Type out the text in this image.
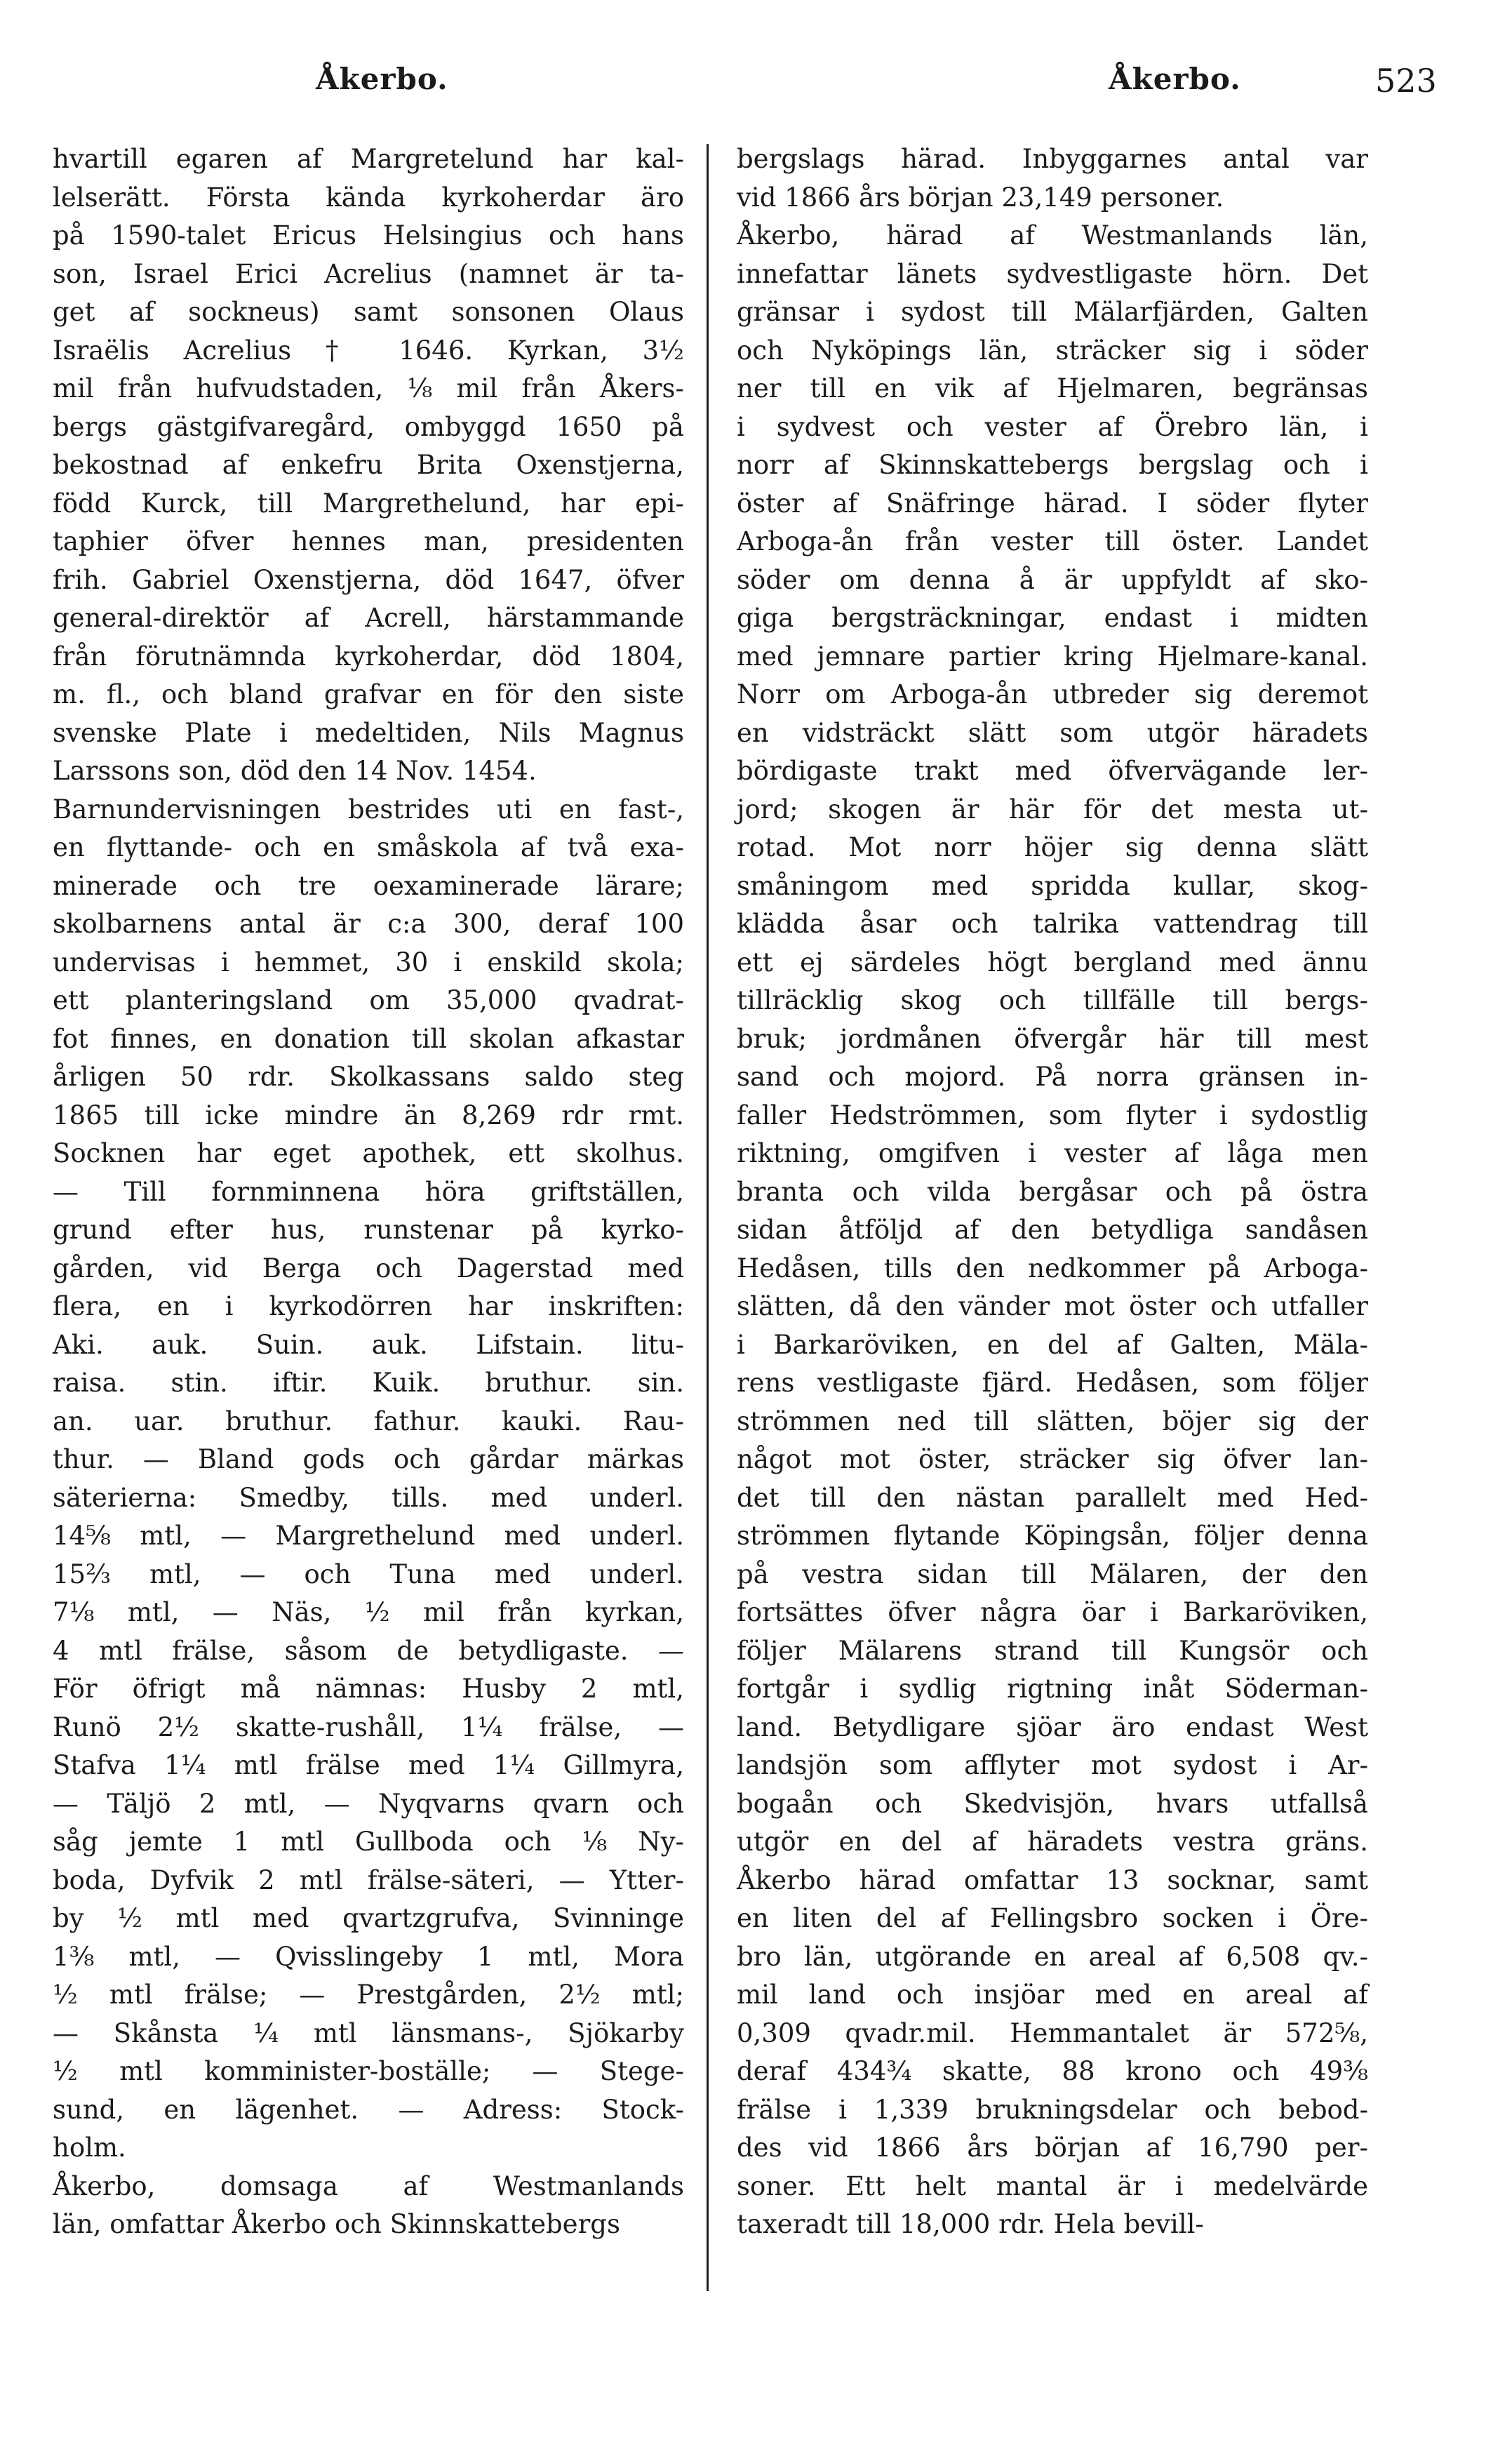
Åkerbo.	Åkerbo.	523
hvartill egaren af Margretelund har kal-
lelserätt. Första kända kyrkoherdar äro
på 1590-talet Ericus Helsingius och hans
son, Israel Erici Acrelius (namnet är ta-
get af sockneus) samt sonsonen Olaus
Israëlis Acrelius † 1646. Kyrkan, 3½
mil från hufvudstaden, ⅛ mil från Åkers-
bergs gästgifvaregård, ombyggd 1650 på
bekostnad af enkefru Brita Oxenstjerna,
född Kurck, till Margrethelund, har epi-
taphier öfver hennes man, presidenten
frih. Gabriel Oxenstjerna, död 1647, öfver
general-direktör af Acrell, härstammande
från förutnämnda kyrkoherdar, död 1804,
m. fl., och bland grafvar en för den siste
svenske Plate i medeltiden, Nils Magnus
Larssons son, död den 14 Nov. 1454.
Barnundervisningen bestrides uti en fast-,
en flyttande- och en småskola af två exa-
minerade och tre oexaminerade lärare;
skolbarnens antal är c:a 300, deraf 100
undervisas i hemmet, 30 i enskild skola;
ett planteringsland om 35,000 qvadrat-
fot finnes, en donation till skolan afkastar
årligen 50 rdr. Skolkassans saldo steg
1865 till icke mindre än 8,269 rdr rmt.
Socknen har eget apothek, ett skolhus.
— Till fornminnena höra griftställen,
grund efter hus, runstenar på kyrko-
gården, vid Berga och Dagerstad med
flera, en i kyrkodörren har inskriften:
Aki. auk. Suin. auk. Lifstain. litu-
raisa. stin. iftir. Kuik. bruthur. sin.
an. uar. bruthur. fathur. kauki. Rau-
thur. — Bland gods och gårdar märkas
säterierna: Smedby, tills. med underl.
14⅝ mtl, — Margrethelund med underl.
15⅔ mtl, — och Tuna med underl.
7⅛ mtl, — Näs, ½ mil från kyrkan,
4 mtl frälse, såsom de betydligaste. —
För öfrigt må nämnas: Husby 2 mtl,
Runö 2½ skatte-rushåll, 1¼ frälse, —
Stafva 1¼ mtl frälse med 1¼ Gillmyra,
— Täljö 2 mtl, — Nyqvarns qvarn och
såg jemte 1 mtl Gullboda och ⅛ Ny-
boda, Dyfvik 2 mtl frälse-säteri, — Ytter-
by ½ mtl med qvartzgrufva, Svinninge
1⅜ mtl, — Qvisslingeby 1 mtl, Mora
½ mtl frälse; — Prestgården, 2½ mtl;
— Skånsta ¼ mtl länsmans-, Sjökarby
½ mtl komminister-boställe; — Stege-
sund, en lägenhet. — Adress: Stock-
holm.
Åkerbo, domsaga af Westmanlands
län, omfattar Åkerbo och Skinnskattebergs
bergslags härad. Inbyggarnes antal var
vid 1866 års början 23,149 personer.
Åkerbo, härad af Westmanlands län,
innefattar länets sydvestligaste hörn. Det
gränsar i sydost till Mälarfjärden, Galten
och Nyköpings län, sträcker sig i söder
ner till en vik af Hjelmaren, begränsas
i sydvest och vester af Örebro län, i
norr af Skinnskattebergs bergslag och i
öster af Snäfringe härad. I söder flyter
Arboga-ån från vester till öster. Landet
söder om denna å är uppfyldt af sko-
giga bergsträckningar, endast i midten
med jemnare partier kring Hjelmare-kanal.
Norr om Arboga-ån utbreder sig deremot
en vidsträckt slätt som utgör häradets
bördigaste trakt med öfvervägande ler-
jord; skogen är här för det mesta ut-
rotad. Mot norr höjer sig denna slätt
småningom med spridda kullar, skog-
klädda åsar och talrika vattendrag till
ett ej särdeles högt bergland med ännu
tillräcklig skog och tillfälle till bergs-
bruk; jordmånen öfvergår här till mest
sand och mojord. På norra gränsen in-
faller Hedströmmen, som flyter i sydostlig
riktning, omgifven i vester af låga men
branta och vilda bergåsar och på östra
sidan åtföljd af den betydliga sandåsen
Hedåsen, tills den nedkommer på Arboga-
slätten, då den vänder mot öster och utfaller
i Barkaröviken, en del af Galten, Mäla-
rens vestligaste fjärd. Hedåsen, som följer
strömmen ned till slätten, böjer sig der
något mot öster, sträcker sig öfver lan-
det till den nästan parallelt med Hed-
strömmen flytande Köpingsån, följer denna
på vestra sidan till Mälaren, der den
fortsättes öfver några öar i Barkaröviken,
följer Mälarens strand till Kungsör och
fortgår i sydlig rigtning inåt Söderman-
land. Betydligare sjöar äro endast West
landsjön som afflyter mot sydost i Ar-
bogaån och Skedvisjön, hvars utfallså
utgör en del af häradets vestra gräns.
Åkerbo härad omfattar 13 socknar, samt
en liten del af Fellingsbro socken i Öre-
bro län, utgörande en areal af 6,508 qv.-
mil land och insjöar med en areal af
0,309 qvadr.mil. Hemmantalet är 572⅝,
deraf 434¾ skatte, 88 krono och 49⅜
frälse i 1,339 brukningsdelar och bebod-
des vid 1866 års början af 16,790 per-
soner. Ett helt mantal är i medelvärde
taxeradt till 18,000 rdr. Hela bevill-
